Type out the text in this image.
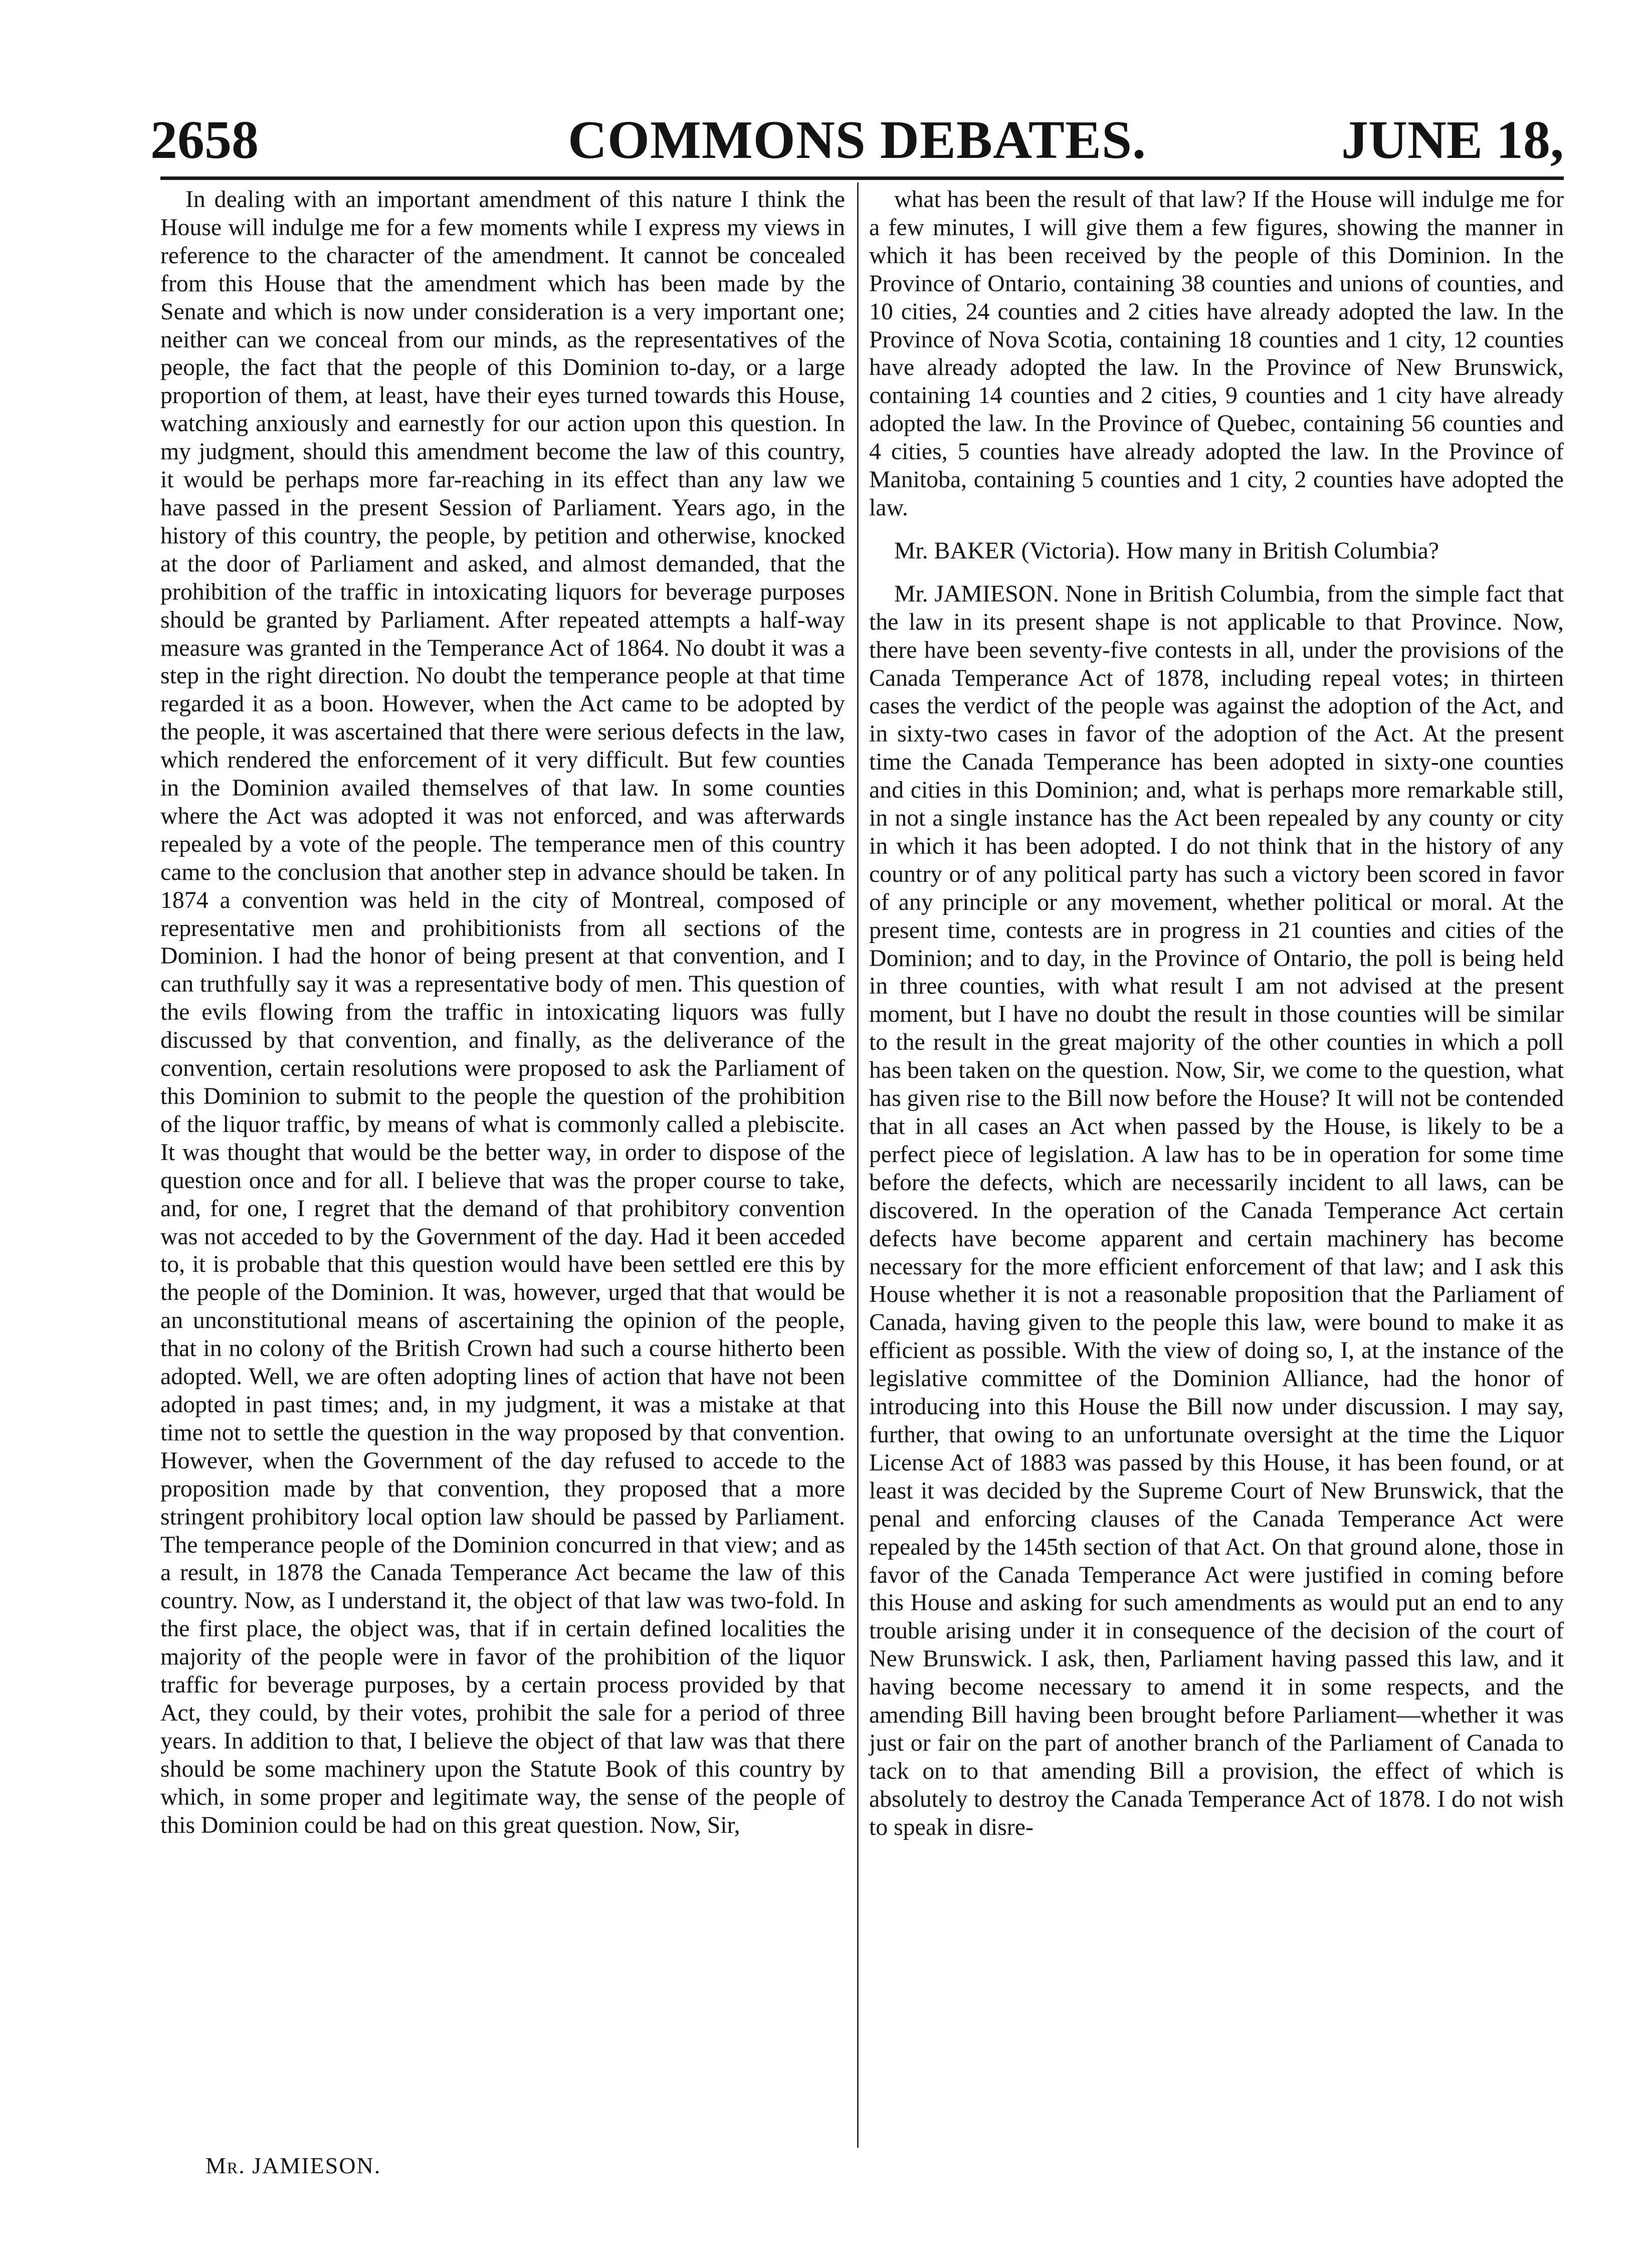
2658	COMMONS DEBATES.	JUNE 18,

In dealing with an important amendment of this nature I think the House will indulge me for a few moments while I express my views in reference to the character of the amendment. It cannot be concealed from this House that the amendment which has been made by the Senate and which is now under consideration is a very important one; neither can we conceal from our minds, as the representatives of the people, the fact that the people of this Dominion to-day, or a large proportion of them, at least, have their eyes turned towards this House, watching anxiously and earnestly for our action upon this question. In my judgment, should this amendment become the law of this country, it would be perhaps more far-reaching in its effect than any law we have passed in the present Session of Parliament. Years ago, in the history of this country, the people, by petition and otherwise, knocked at the door of Parliament and asked, and almost demanded, that the prohibition of the traffic in intoxicating liquors for beverage purposes should be granted by Parliament. After repeated attempts a half-way measure was granted in the Temperance Act of 1864. No doubt it was a step in the right direction. No doubt the temperance people at that time regarded it as a boon. However, when the Act came to be adopted by the people, it was ascertained that there were serious defects in the law, which rendered the enforcement of it very difficult. But few counties in the Dominion availed themselves of that law. In some counties where the Act was adopted it was not enforced, and was afterwards repealed by a vote of the people. The temperance men of this country came to the conclusion that another step in advance should be taken. In 1874 a convention was held in the city of Montreal, composed of representative men and prohibitionists from all sections of the Dominion. I had the honor of being present at that convention, and I can truthfully say it was a representative body of men. This question of the evils flowing from the traffic in intoxicating liquors was fully discussed by that convention, and finally, as the deliverance of the convention, certain resolutions were proposed to ask the Parliament of this Dominion to submit to the people the question of the prohibition of the liquor traffic, by means of what is commonly called a plebiscite. It was thought that would be the better way, in order to dispose of the question once and for all. I believe that was the proper course to take, and, for one, I regret that the demand of that prohibitory convention was not acceded to by the Government of the day. Had it been acceded to, it is probable that this question would have been settled ere this by the people of the Dominion. It was, however, urged that that would be an unconstitutional means of ascertaining the opinion of the people, that in no colony of the British Crown had such a course hitherto been adopted. Well, we are often adopting lines of action that have not been adopted in past times; and, in my judgment, it was a mistake at that time not to settle the question in the way proposed by that convention. However, when the Government of the day refused to accede to the proposition made by that convention, they proposed that a more stringent prohibitory local option law should be passed by Parliament. The temperance people of the Dominion concurred in that view; and as a result, in 1878 the Canada Temperance Act became the law of this country. Now, as I understand it, the object of that law was two-fold. In the first place, the object was, that if in certain defined localities the majority of the people were in favor of the prohibition of the liquor traffic for beverage purposes, by a certain process provided by that Act, they could, by their votes, prohibit the sale for a period of three years. In addition to that, I believe the object of that law was that there should be some machinery upon the Statute Book of this country by which, in some proper and legitimate way, the sense of the people of this Dominion could be had on this great question. Now, Sir,

what has been the result of that law? If the House will indulge me for a few minutes, I will give them a few figures, showing the manner in which it has been received by the people of this Dominion. In the Province of Ontario, containing 38 counties and unions of counties, and 10 cities, 24 counties and 2 cities have already adopted the law. In the Province of Nova Scotia, containing 18 counties and 1 city, 12 counties have already adopted the law. In the Province of New Brunswick, containing 14 counties and 2 cities, 9 counties and 1 city have already adopted the law. In the Province of Quebec, containing 56 counties and 4 cities, 5 counties have already adopted the law. In the Province of Manitoba, containing 5 counties and 1 city, 2 counties have adopted the law.

Mr. BAKER (Victoria). How many in British Columbia?

Mr. JAMIESON. None in British Columbia, from the simple fact that the law in its present shape is not applicable to that Province. Now, there have been seventy-five contests in all, under the provisions of the Canada Temperance Act of 1878, including repeal votes; in thirteen cases the verdict of the people was against the adoption of the Act, and in sixty-two cases in favor of the adoption of the Act. At the present time the Canada Temperance has been adopted in sixty-one counties and cities in this Dominion; and, what is perhaps more remarkable still, in not a single instance has the Act been repealed by any county or city in which it has been adopted. I do not think that in the history of any country or of any political party has such a victory been scored in favor of any principle or any movement, whether political or moral. At the present time, contests are in progress in 21 counties and cities of the Dominion; and to day, in the Province of Ontario, the poll is being held in three counties, with what result I am not advised at the present moment, but I have no doubt the result in those counties will be similar to the result in the great majority of the other counties in which a poll has been taken on the question. Now, Sir, we come to the question, what has given rise to the Bill now before the House? It will not be contended that in all cases an Act when passed by the House, is likely to be a perfect piece of legislation. A law has to be in operation for some time before the defects, which are necessarily incident to all laws, can be discovered. In the operation of the Canada Temperance Act certain defects have become apparent and certain machinery has become necessary for the more efficient enforcement of that law; and I ask this House whether it is not a reasonable proposition that the Parliament of Canada, having given to the people this law, were bound to make it as efficient as possible. With the view of doing so, I, at the instance of the legislative committee of the Dominion Alliance, had the honor of introducing into this House the Bill now under discussion. I may say, further, that owing to an unfortunate oversight at the time the Liquor License Act of 1883 was passed by this House, it has been found, or at least it was decided by the Supreme Court of New Brunswick, that the penal and enforcing clauses of the Canada Temperance Act were repealed by the 145th section of that Act. On that ground alone, those in favor of the Canada Temperance Act were justified in coming before this House and asking for such amendments as would put an end to any trouble arising under it in consequence of the decision of the court of New Brunswick. I ask, then, Parliament having passed this law, and it having become necessary to amend it in some respects, and the amending Bill having been brought before Parliament—whether it was just or fair on the part of another branch of the Parliament of Canada to tack on to that amending Bill a provision, the effect of which is absolutely to destroy the Canada Temperance Act of 1878. I do not wish to speak in disre-

Mr. JAMIESON.
